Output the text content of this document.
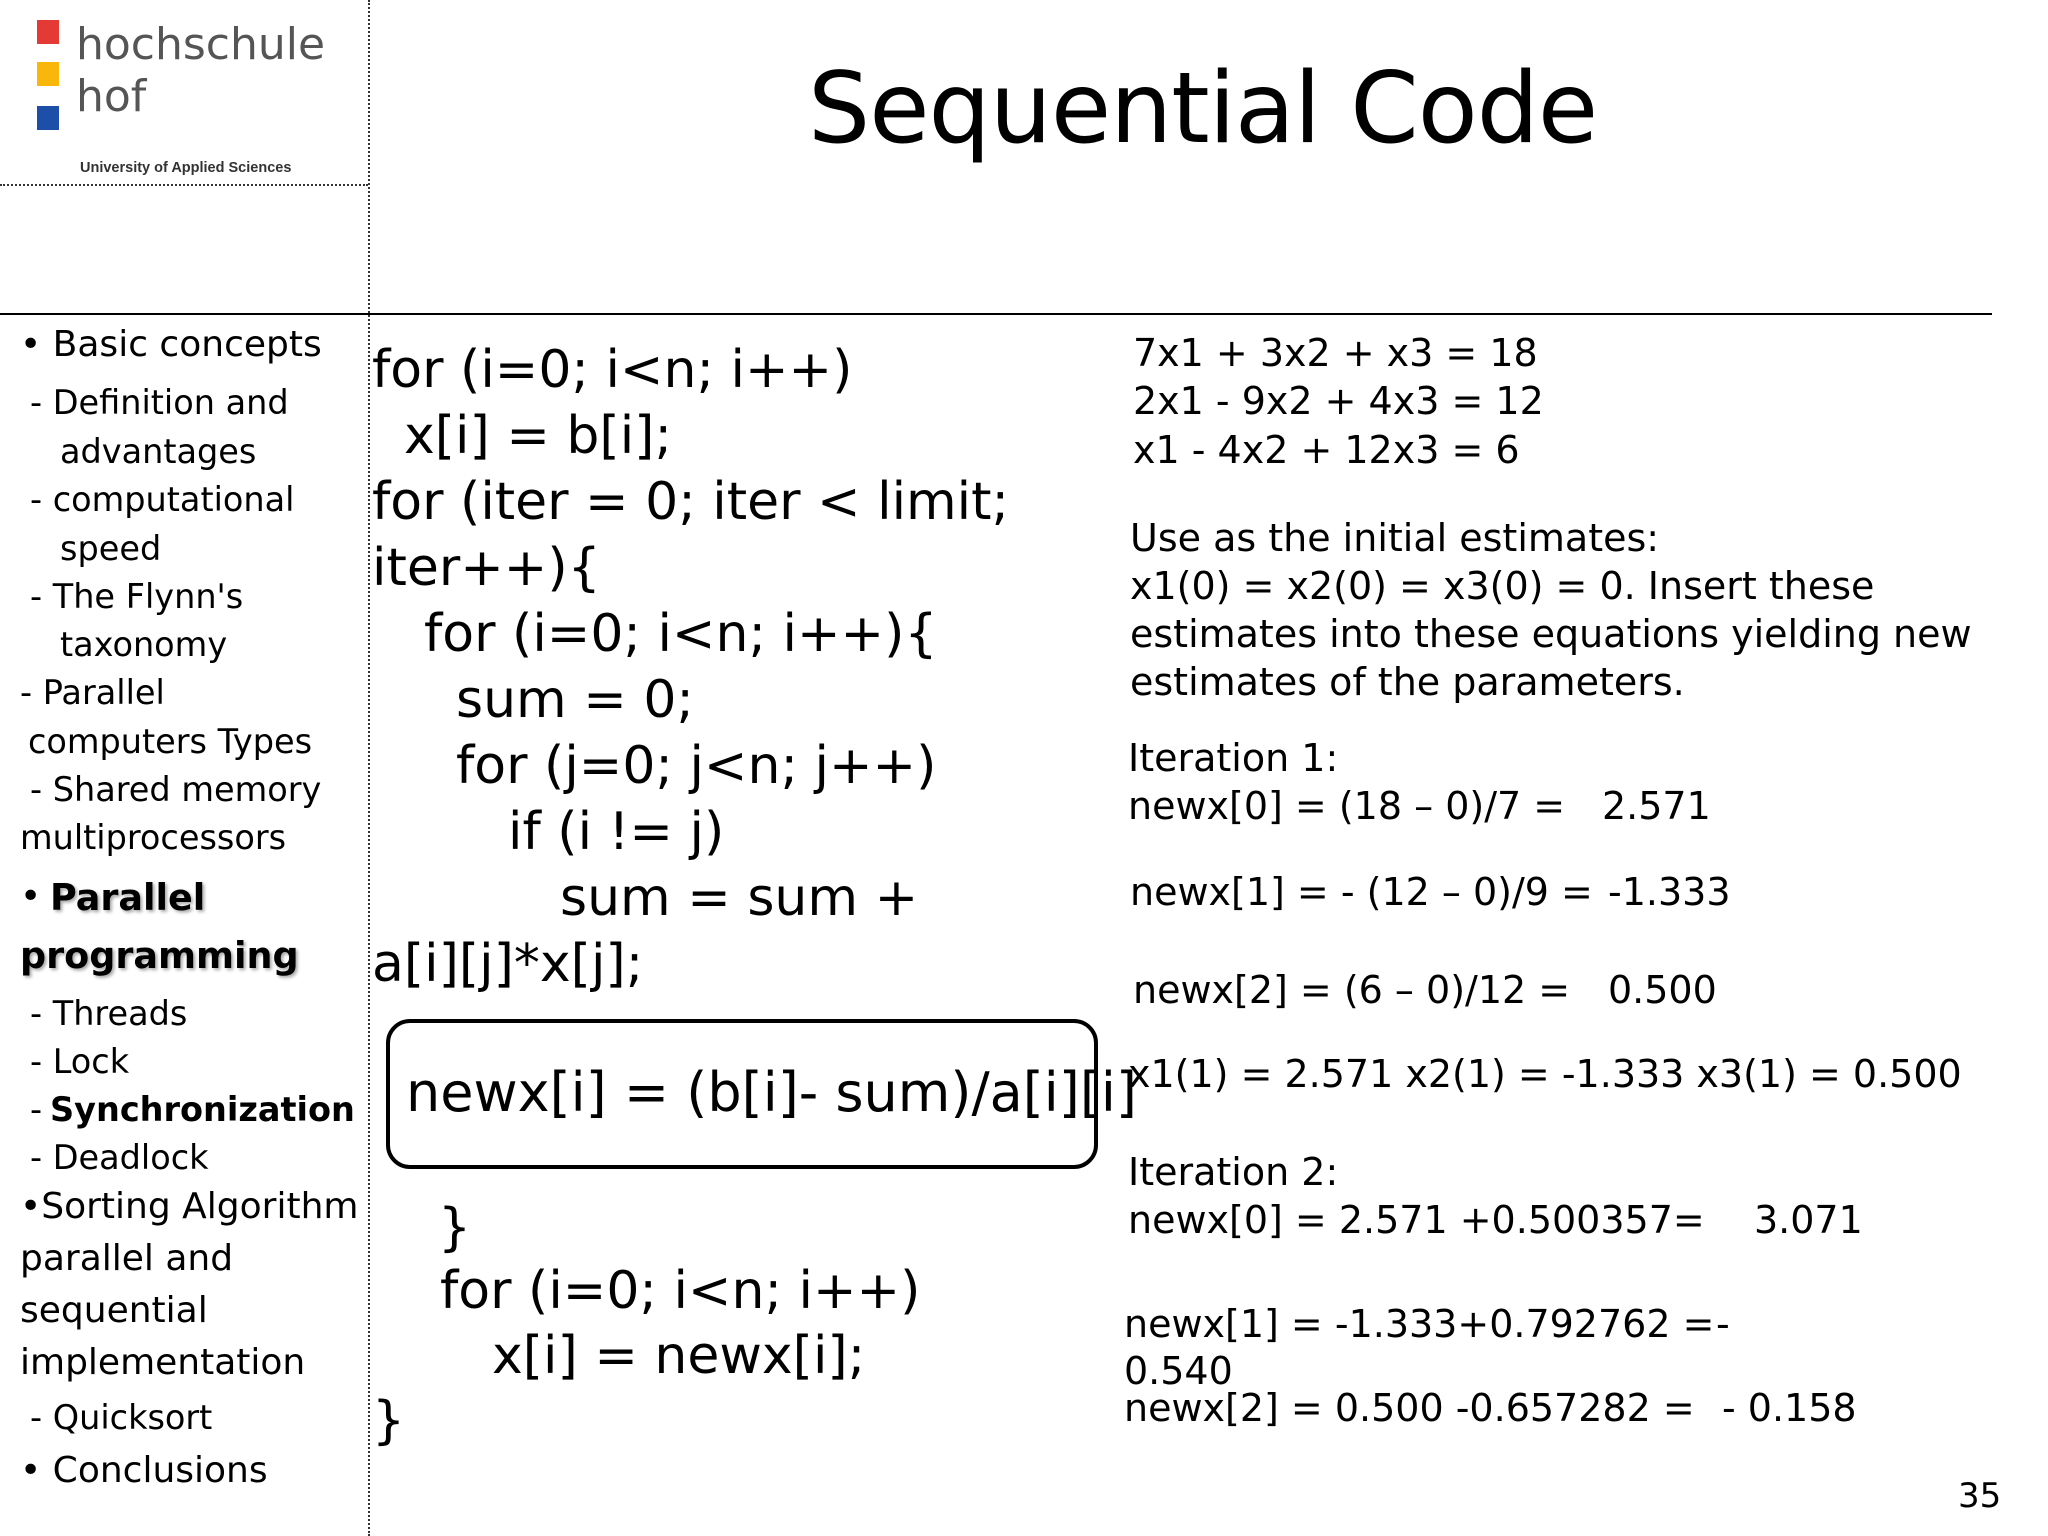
hochschule
hof
University of Applied Sciences
Sequential Code
• Basic concepts
- Definition and
advantages
- computational
speed
- The Flynn's
taxonomy
- Parallel
computers Types
- Shared memory
multiprocessors
• Parallel
programming
- Threads
- Lock
- Synchronization
- Deadlock
•Sorting Algorithm
parallel and
sequential
implementation
- Quicksort
• Conclusions
for (i=0; i<n; i++)
x[i] = b[i];
for (iter = 0; iter < limit;
iter++){
for (i=0; i<n; i++){
sum = 0;
for (j=0; j<n; j++)
if (i != j)
sum = sum +
a[i][j]*x[j];
newx[i] = (b[i]- sum)/a[i][i]
}
for (i=0; i<n; i++)
x[i] = newx[i];
}
7x1 + 3x2 + x3 = 18
2x1 - 9x2 + 4x3 = 12
x1 - 4x2 + 12x3 = 6
Use as the initial estimates:
x1(0) = x2(0) = x3(0) = 0. Insert these
estimates into these equations yielding new
estimates of the parameters.
Iteration 1:
newx[0] = (18 – 0)/7 = 2.571
newx[1] = - (12 – 0)/9 = -1.333
newx[2] = (6 – 0)/12 = 0.500
x1(1) = 2.571 x2(1) = -1.333 x3(1) = 0.500
Iteration 2:
newx[0] = 2.571 +0.500357= 3.071
newx[1] = -1.333+0.792762 = -
0.540
newx[2] = 0.500 -0.657282 = - 0.158
35
